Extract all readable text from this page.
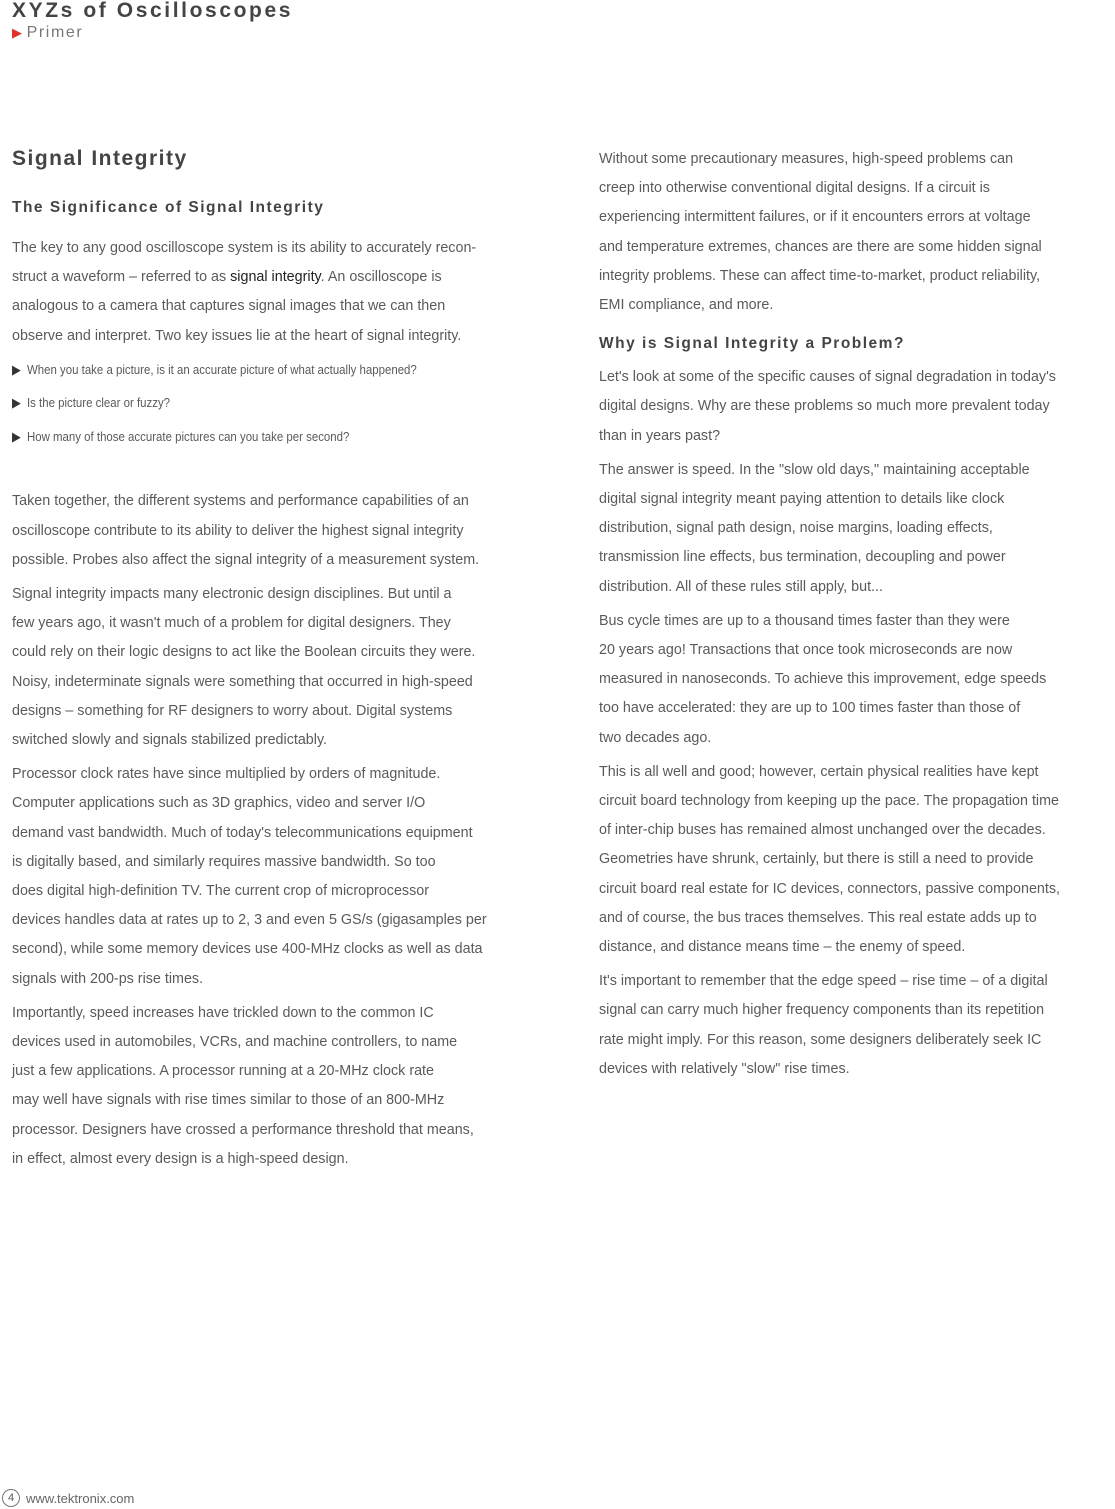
XYZs of Oscilloscopes
▶ Primer
Signal Integrity
The Significance of Signal Integrity

The key to any good oscilloscope system is its ability to accurately recon-
struct a waveform – referred to as signal integrity. An oscilloscope is
analogous to a camera that captures signal images that we can then
observe and interpret. Two key issues lie at the heart of signal integrity.

▶ When you take a picture, is it an accurate picture of what actually happened?
▶ Is the picture clear or fuzzy?
▶ How many of those accurate pictures can you take per second?

Taken together, the different systems and performance capabilities of an
oscilloscope contribute to its ability to deliver the highest signal integrity
possible. Probes also affect the signal integrity of a measurement system.

Signal integrity impacts many electronic design disciplines. But until a
few years ago, it wasn't much of a problem for digital designers. They
could rely on their logic designs to act like the Boolean circuits they were.
Noisy, indeterminate signals were something that occurred in high-speed
designs – something for RF designers to worry about. Digital systems
switched slowly and signals stabilized predictably.

Processor clock rates have since multiplied by orders of magnitude.
Computer applications such as 3D graphics, video and server I/O
demand vast bandwidth. Much of today's telecommunications equipment
is digitally based, and similarly requires massive bandwidth. So too
does digital high-definition TV. The current crop of microprocessor
devices handles data at rates up to 2, 3 and even 5 GS/s (gigasamples per
second), while some memory devices use 400-MHz clocks as well as data
signals with 200-ps rise times.

Importantly, speed increases have trickled down to the common IC
devices used in automobiles, VCRs, and machine controllers, to name
just a few applications. A processor running at a 20-MHz clock rate
may well have signals with rise times similar to those of an 800-MHz
processor. Designers have crossed a performance threshold that means,
in effect, almost every design is a high-speed design.

Without some precautionary measures, high-speed problems can
creep into otherwise conventional digital designs. If a circuit is
experiencing intermittent failures, or if it encounters errors at voltage
and temperature extremes, chances are there are some hidden signal
integrity problems. These can affect time-to-market, product reliability,
EMI compliance, and more.

Why is Signal Integrity a Problem?

Let's look at some of the specific causes of signal degradation in today's
digital designs. Why are these problems so much more prevalent today
than in years past?

The answer is speed. In the "slow old days," maintaining acceptable
digital signal integrity meant paying attention to details like clock
distribution, signal path design, noise margins, loading effects,
transmission line effects, bus termination, decoupling and power
distribution. All of these rules still apply, but...

Bus cycle times are up to a thousand times faster than they were
20 years ago! Transactions that once took microseconds are now
measured in nanoseconds. To achieve this improvement, edge speeds
too have accelerated: they are up to 100 times faster than those of
two decades ago.

This is all well and good; however, certain physical realities have kept
circuit board technology from keeping up the pace. The propagation time
of inter-chip buses has remained almost unchanged over the decades.
Geometries have shrunk, certainly, but there is still a need to provide
circuit board real estate for IC devices, connectors, passive components,
and of course, the bus traces themselves. This real estate adds up to
distance, and distance means time – the enemy of speed.

It's important to remember that the edge speed – rise time – of a digital
signal can carry much higher frequency components than its repetition
rate might imply. For this reason, some designers deliberately seek IC
devices with relatively "slow" rise times.

4 www.tektronix.com
